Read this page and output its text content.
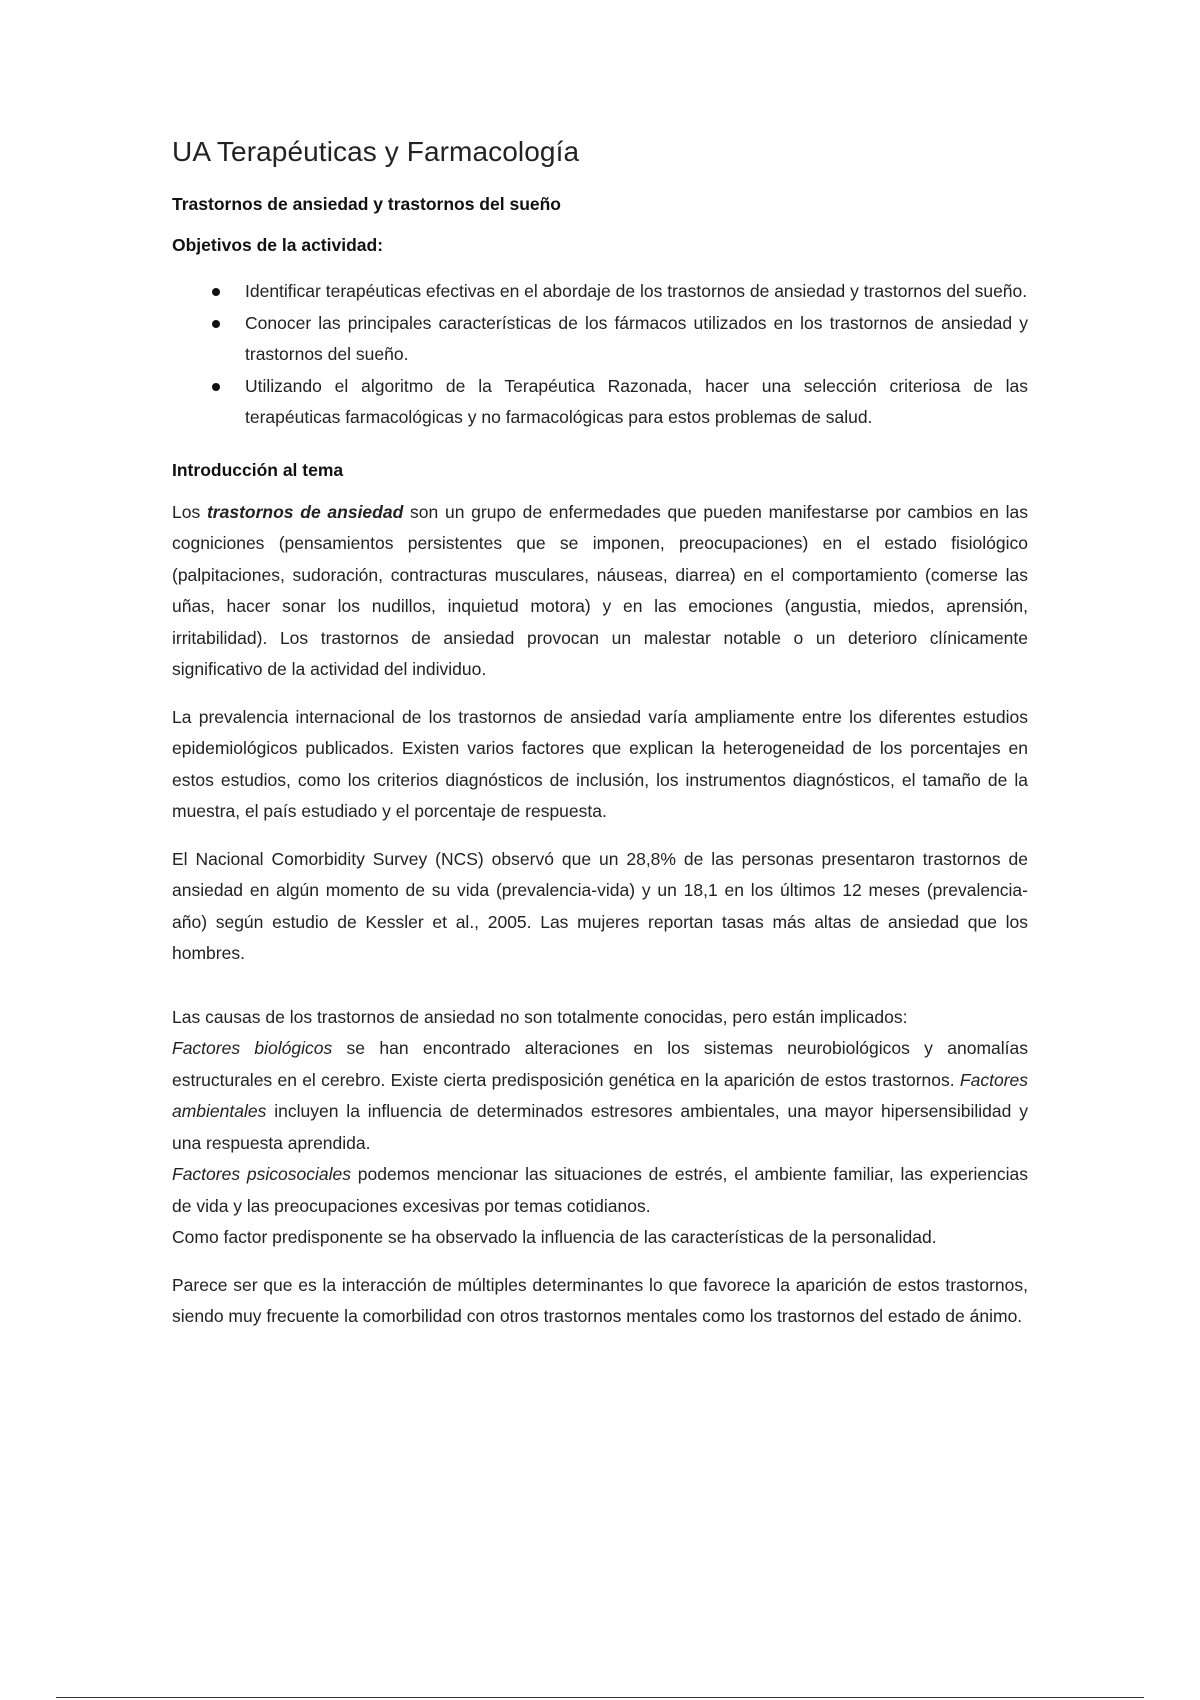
UA Terapéuticas y Farmacología
Trastornos de ansiedad y trastornos del sueño
Objetivos de la actividad:
Identificar terapéuticas efectivas en el abordaje de los trastornos de ansiedad y trastornos del sueño.
Conocer las principales características de los fármacos utilizados en los trastornos de ansiedad y trastornos del sueño.
Utilizando el algoritmo de la Terapéutica Razonada, hacer una selección criteriosa de las terapéuticas farmacológicas y no farmacológicas para estos problemas de salud.
Introducción al tema

Los trastornos de ansiedad son un grupo de enfermedades que pueden manifestarse por cambios en las cogniciones (pensamientos persistentes que se imponen, preocupaciones) en el estado fisiológico (palpitaciones, sudoración, contracturas musculares, náuseas, diarrea) en el comportamiento (comerse las uñas, hacer sonar los nudillos, inquietud motora) y en las emociones (angustia, miedos, aprensión, irritabilidad). Los trastornos de ansiedad provocan un malestar notable o un deterioro clínicamente significativo de la actividad del individuo.

La prevalencia internacional de los trastornos de ansiedad varía ampliamente entre los diferentes estudios epidemiológicos publicados. Existen varios factores que explican la heterogeneidad de los porcentajes en estos estudios, como los criterios diagnósticos de inclusión, los instrumentos diagnósticos, el tamaño de la muestra, el país estudiado y el porcentaje de respuesta.

El Nacional Comorbidity Survey (NCS) observó que un 28,8% de las personas presentaron trastornos de ansiedad en algún momento de su vida (prevalencia-vida) y un 18,1 en los últimos 12 meses (prevalencia-año) según estudio de Kessler et al., 2005. Las mujeres reportan tasas más altas de ansiedad que los hombres.

Las causas de los trastornos de ansiedad no son totalmente conocidas, pero están implicados:
Factores biológicos se han encontrado alteraciones en los sistemas neurobiológicos y anomalías estructurales en el cerebro. Existe cierta predisposición genética en la aparición de estos trastornos. Factores ambientales incluyen la influencia de determinados estresores ambientales, una mayor hipersensibilidad y una respuesta aprendida.
Factores psicosociales podemos mencionar las situaciones de estrés, el ambiente familiar, las experiencias de vida y las preocupaciones excesivas por temas cotidianos.
Como factor predisponente se ha observado la influencia de las características de la personalidad.

Parece ser que es la interacción de múltiples determinantes lo que favorece la aparición de estos trastornos, siendo muy frecuente la comorbilidad con otros trastornos mentales como los trastornos del estado de ánimo.
